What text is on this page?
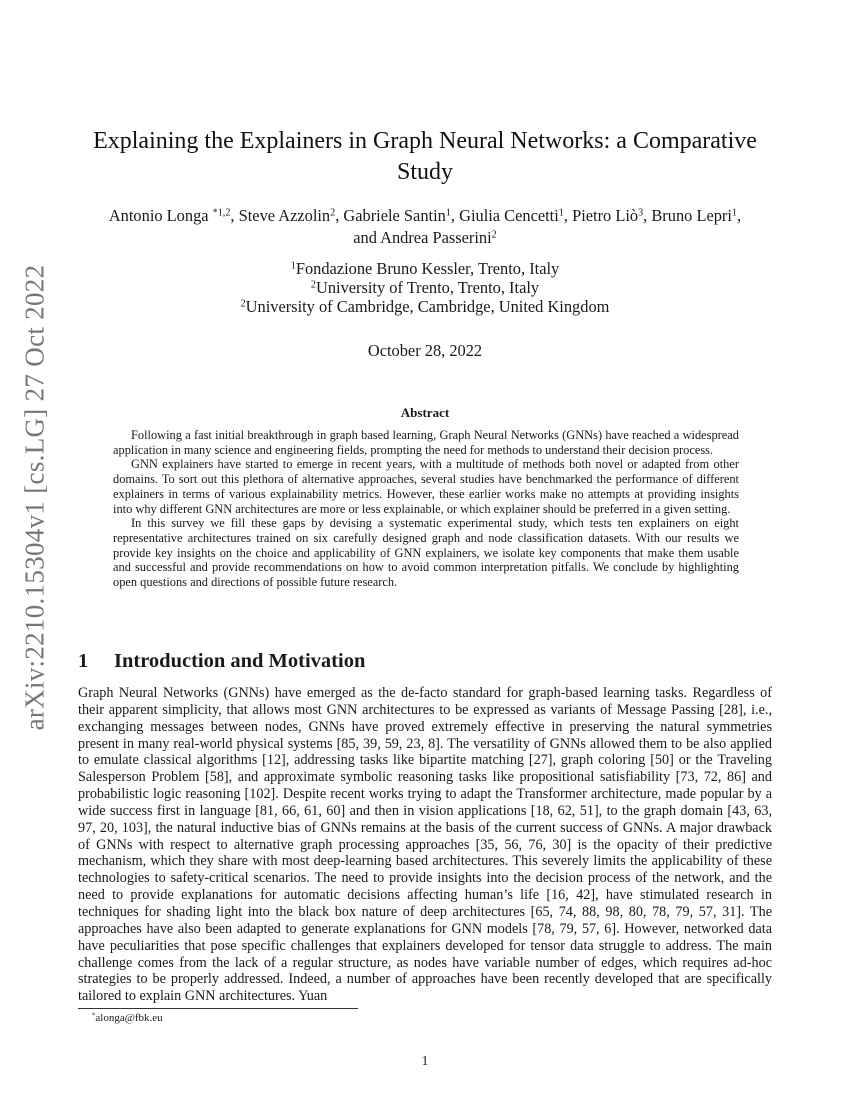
arXiv:2210.15304v1 [cs.LG] 27 Oct 2022
Explaining the Explainers in Graph Neural Networks: a Comparative Study

Antonio Longa $^{*1,2}$, Steve Azzolin$^2$, Gabriele Santin$^1$, Giulia Cencetti$^1$, Pietro Liò$^3$, Bruno Lepri$^1$,
and Andrea Passerini$^2$

$^1$Fondazione Bruno Kessler, Trento, Italy
$^2$University of Trento, Trento, Italy
$^2$University of Cambridge, Cambridge, United Kingdom
October 28, 2022
Abstract

Following a fast initial breakthrough in graph based learning, Graph Neural Networks (GNNs) have reached a widespread application in many science and engineering fields, prompting the need for methods to understand their decision process.

GNN explainers have started to emerge in recent years, with a multitude of methods both novel or adapted from other domains. To sort out this plethora of alternative approaches, several studies have benchmarked the performance of different explainers in terms of various explainability metrics. However, these earlier works make no attempts at providing insights into why different GNN architectures are more or less explainable, or which explainer should be preferred in a given setting.

In this survey we fill these gaps by devising a systematic experimental study, which tests ten explainers on eight representative architectures trained on six carefully designed graph and node classification datasets. With our results we provide key insights on the choice and applicability of GNN explainers, we isolate key components that make them usable and successful and provide recommendations on how to avoid common interpretation pitfalls. We conclude by highlighting open questions and directions of possible future research.

1 Introduction and Motivation

Graph Neural Networks (GNNs) have emerged as the de-facto standard for graph-based learning tasks. Regardless of their apparent simplicity, that allows most GNN architectures to be expressed as variants of Message Passing [28], i.e., exchanging messages between nodes, GNNs have proved extremely effective in preserving the natural symmetries present in many real-world physical systems [85, 39, 59, 23, 8]. The versatility of GNNs allowed them to be also applied to emulate classical algorithms [12], addressing tasks like bipartite matching [27], graph coloring [50] or the Traveling Salesperson Problem [58], and approximate symbolic reasoning tasks like propositional satisfiability [73, 72, 86] and probabilistic logic reasoning [102]. Despite recent works trying to adapt the Transformer architecture, made popular by a wide success first in language [81, 66, 61, 60] and then in vision applications [18, 62, 51], to the graph domain [43, 63, 97, 20, 103], the natural inductive bias of GNNs remains at the basis of the current success of GNNs. A major drawback of GNNs with respect to alternative graph processing approaches [35, 56, 76, 30] is the opacity of their predictive mechanism, which they share with most deep-learning based architectures. This severely limits the applicability of these technologies to safety-critical scenarios. The need to provide insights into the decision process of the network, and the need to provide explanations for automatic decisions affecting human’s life [16, 42], have stimulated research in techniques for shading light into the black box nature of deep architectures [65, 74, 88, 98, 80, 78, 79, 57, 31]. The approaches have also been adapted to generate explanations for GNN models [78, 79, 57, 6]. However, networked data have peculiarities that pose specific challenges that explainers developed for tensor data struggle to address. The main challenge comes from the lack of a regular structure, as nodes have variable number of edges, which requires ad-hoc strategies to be properly addressed. Indeed, a number of approaches have been recently developed that are specifically tailored to explain GNN architectures. Yuan

*alonga@fbk.eu
1
